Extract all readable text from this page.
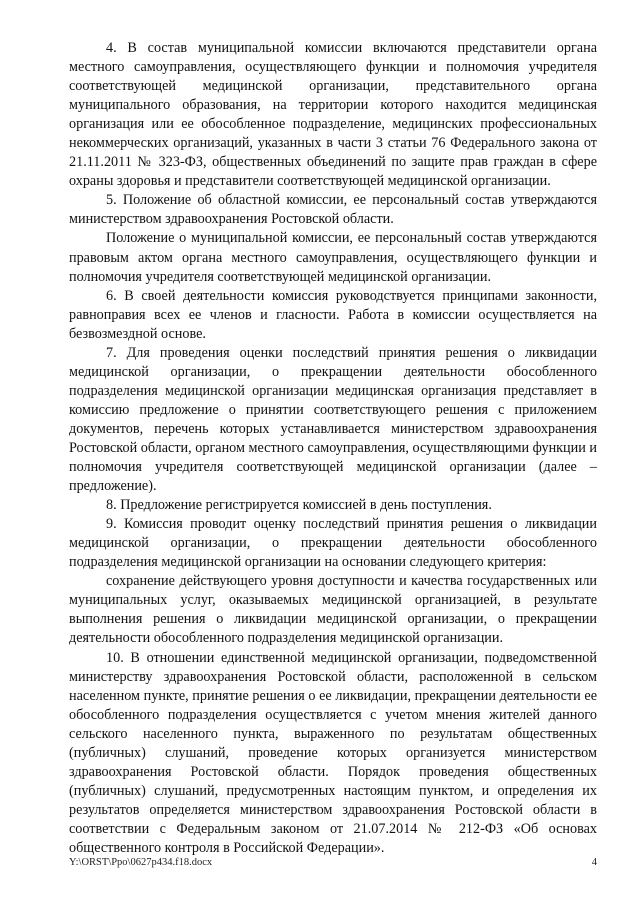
4. В состав муниципальной комиссии включаются представители органа местного самоуправления, осуществляющего функции и полномочия учредителя соответствующей медицинской организации, представительного органа муниципального образования, на территории которого находится медицинская организация или ее обособленное подразделение, медицинских профессиональных некоммерческих организаций, указанных в части 3 статьи 76 Федерального закона от 21.11.2011 № 323-ФЗ, общественных объединений по защите прав граждан в сфере охраны здоровья и представители соответствующей медицинской организации.

5. Положение об областной комиссии, ее персональный состав утверждаются министерством здравоохранения Ростовской области.

Положение о муниципальной комиссии, ее персональный состав утверждаются правовым актом органа местного самоуправления, осуществляющего функции и полномочия учредителя соответствующей медицинской организации.

6. В своей деятельности комиссия руководствуется принципами законности, равноправия всех ее членов и гласности. Работа в комиссии осуществляется на безвозмездной основе.

7. Для проведения оценки последствий принятия решения о ликвидации медицинской организации, о прекращении деятельности обособленного подразделения медицинской организации медицинская организация представляет в комиссию предложение о принятии соответствующего решения с приложением документов, перечень которых устанавливается министерством здравоохранения Ростовской области, органом местного самоуправления, осуществляющими функции и полномочия учредителя соответствующей медицинской организации (далее – предложение).

8. Предложение регистрируется комиссией в день поступления.

9. Комиссия проводит оценку последствий принятия решения о ликвидации медицинской организации, о прекращении деятельности обособленного подразделения медицинской организации на основании следующего критерия:

сохранение действующего уровня доступности и качества государственных или муниципальных услуг, оказываемых медицинской организацией, в результате выполнения решения о ликвидации медицинской организации, о прекращении деятельности обособленного подразделения медицинской организации.

10. В отношении единственной медицинской организации, подведомственной министерству здравоохранения Ростовской области, расположенной в сельском населенном пункте, принятие решения о ее ликвидации, прекращении деятельности ее обособленного подразделения осуществляется с учетом мнения жителей данного сельского населенного пункта, выраженного по результатам общественных (публичных) слушаний, проведение которых организуется министерством здравоохранения Ростовской области. Порядок проведения общественных (публичных) слушаний, предусмотренных настоящим пунктом, и определения их результатов определяется министерством здравоохранения Ростовской области в соответствии с Федеральным законом от 21.07.2014 № 212-ФЗ «Об основах общественного контроля в Российской Федерации».

Y:\ORST\Ppo\0627p434.f18.docx	4
